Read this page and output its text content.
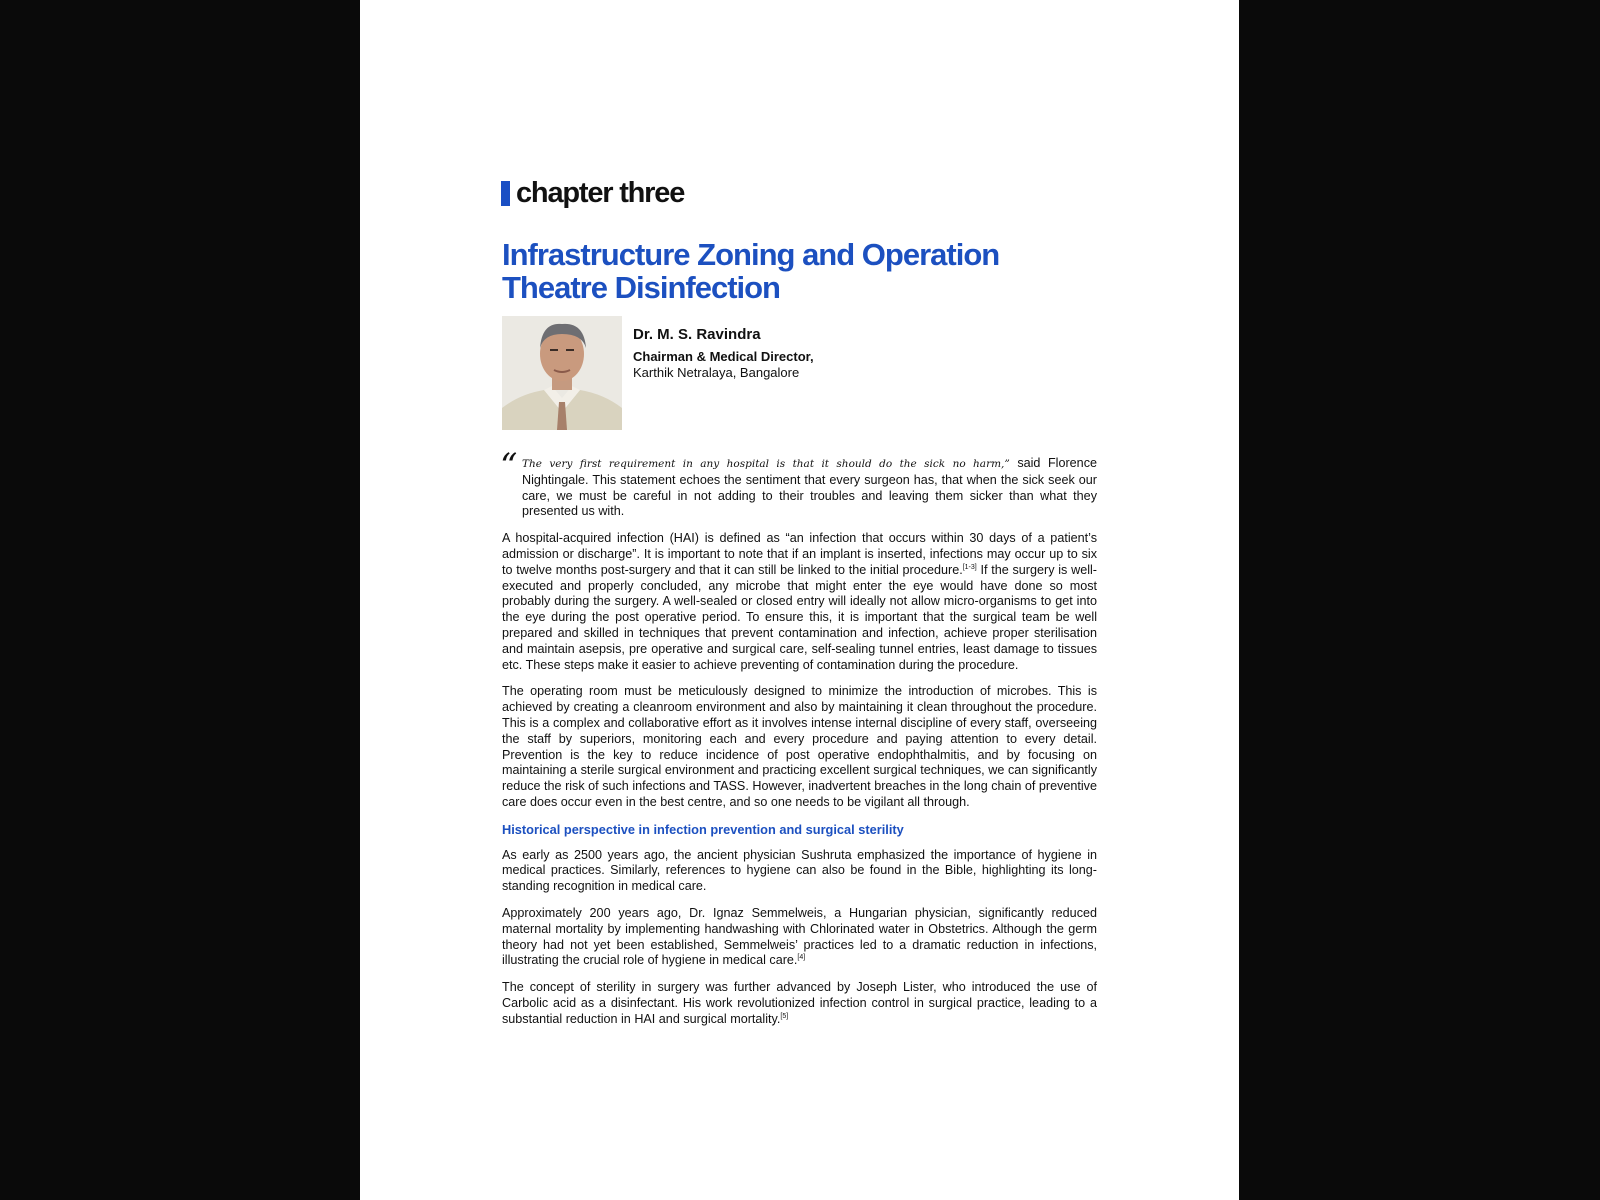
chapter three
Infrastructure Zoning and Operation
Theatre Disinfection
Dr. M. S. Ravindra
Chairman & Medical Director,
Karthik Netralaya, Bangalore

“ The very first requirement in any hospital is that it should do the sick no harm,” said Florence Nightingale. This statement echoes the sentiment that every surgeon has, that when the sick seek our care, we must be careful in not adding to their troubles and leaving them sicker than what they presented us with.

A hospital-acquired infection (HAI) is defined as “an infection that occurs within 30 days of a patient’s admission or discharge”. It is important to note that if an implant is inserted, infections may occur up to six to twelve months post-surgery and that it can still be linked to the initial procedure.[1-3] If the surgery is well-executed and properly concluded, any microbe that might enter the eye would have done so most probably during the surgery. A well-sealed or closed entry will ideally not allow micro-organisms to get into the eye during the post operative period. To ensure this, it is important that the surgical team be well prepared and skilled in techniques that prevent contamination and infection, achieve proper sterilisation and maintain asepsis, pre operative and surgical care, self-sealing tunnel entries, least damage to tissues etc. These steps make it easier to achieve preventing of contamination during the procedure.

The operating room must be meticulously designed to minimize the introduction of microbes. This is achieved by creating a cleanroom environment and also by maintaining it clean throughout the procedure. This is a complex and collaborative effort as it involves intense internal discipline of every staff, overseeing the staff by superiors, monitoring each and every procedure and paying attention to every detail. Prevention is the key to reduce incidence of post operative endophthalmitis, and by focusing on maintaining a sterile surgical environment and practicing excellent surgical techniques, we can significantly reduce the risk of such infections and TASS. However, inadvertent breaches in the long chain of preventive care does occur even in the best centre, and so one needs to be vigilant all through.

Historical perspective in infection prevention and surgical sterility

As early as 2500 years ago, the ancient physician Sushruta emphasized the importance of hygiene in medical practices. Similarly, references to hygiene can also be found in the Bible, highlighting its long-standing recognition in medical care.

Approximately 200 years ago, Dr. Ignaz Semmelweis, a Hungarian physician, significantly reduced maternal mortality by implementing handwashing with Chlorinated water in Obstetrics. Although the germ theory had not yet been established, Semmelweis’ practices led to a dramatic reduction in infections, illustrating the crucial role of hygiene in medical care.[4]

The concept of sterility in surgery was further advanced by Joseph Lister, who introduced the use of Carbolic acid as a disinfectant. His work revolutionized infection control in surgical practice, leading to a substantial reduction in HAI and surgical mortality.[5]
